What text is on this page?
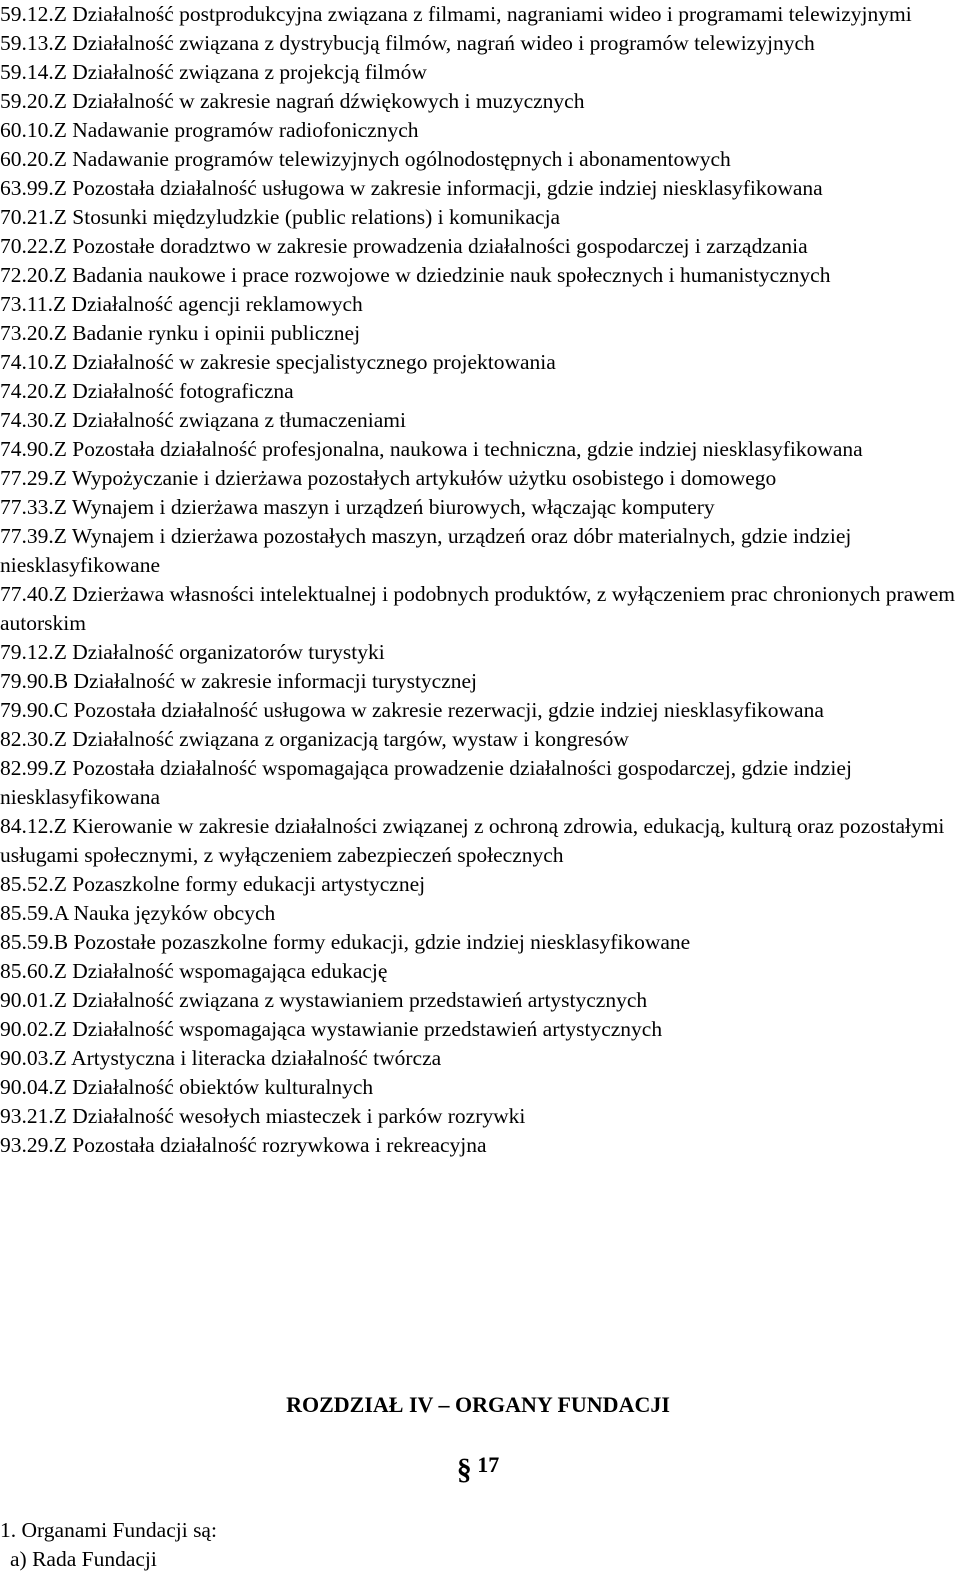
59.12.Z Działalność postprodukcyjna związana z filmami, nagraniami wideo i programami telewizyjnymi

59.13.Z Działalność związana z dystrybucją filmów, nagrań wideo i programów telewizyjnych

59.14.Z Działalność związana z projekcją filmów

59.20.Z Działalność w zakresie nagrań dźwiękowych i muzycznych

60.10.Z Nadawanie programów radiofonicznych

60.20.Z Nadawanie programów telewizyjnych ogólnodostępnych i abonamentowych

63.99.Z Pozostała działalność usługowa w zakresie informacji, gdzie indziej niesklasyfikowana

70.21.Z Stosunki międzyludzkie (public relations) i komunikacja

70.22.Z Pozostałe doradztwo w zakresie prowadzenia działalności gospodarczej i zarządzania

72.20.Z Badania naukowe i prace rozwojowe w dziedzinie nauk społecznych i humanistycznych

73.11.Z Działalność agencji reklamowych

73.20.Z Badanie rynku i opinii publicznej

74.10.Z Działalność w zakresie specjalistycznego projektowania

74.20.Z Działalność fotograficzna

74.30.Z Działalność związana z tłumaczeniami

74.90.Z Pozostała działalność profesjonalna, naukowa i techniczna, gdzie indziej niesklasyfikowana

77.29.Z Wypożyczanie i dzierżawa pozostałych artykułów użytku osobistego i domowego

77.33.Z Wynajem i dzierżawa maszyn i urządzeń biurowych, włączając komputery

77.39.Z Wynajem i dzierżawa pozostałych maszyn, urządzeń oraz dóbr materialnych, gdzie indziej niesklasyfikowane

77.40.Z Dzierżawa własności intelektualnej i podobnych produktów, z wyłączeniem prac chronionych prawem autorskim

79.12.Z Działalność organizatorów turystyki

79.90.B Działalność w zakresie informacji turystycznej

79.90.C Pozostała działalność usługowa w zakresie rezerwacji, gdzie indziej niesklasyfikowana

82.30.Z Działalność związana z organizacją targów, wystaw i kongresów

82.99.Z Pozostała działalność wspomagająca prowadzenie działalności gospodarczej, gdzie indziej niesklasyfikowana

84.12.Z Kierowanie w zakresie działalności związanej z ochroną zdrowia, edukacją, kulturą oraz pozostałymi usługami społecznymi, z wyłączeniem zabezpieczeń społecznych

85.52.Z Pozaszkolne formy edukacji artystycznej

85.59.A Nauka języków obcych

85.59.B Pozostałe pozaszkolne formy edukacji, gdzie indziej niesklasyfikowane

85.60.Z Działalność wspomagająca edukację

90.01.Z Działalność związana z wystawianiem przedstawień artystycznych

90.02.Z Działalność wspomagająca wystawianie przedstawień artystycznych

90.03.Z Artystyczna i literacka działalność twórcza

90.04.Z Działalność obiektów kulturalnych

93.21.Z Działalność wesołych miasteczek i parków rozrywki

93.29.Z Pozostała działalność rozrywkowa i rekreacyjna

ROZDZIAŁ IV – ORGANY FUNDACJI
§ 17
1. Organami Fundacji są:
a) Rada Fundacji
